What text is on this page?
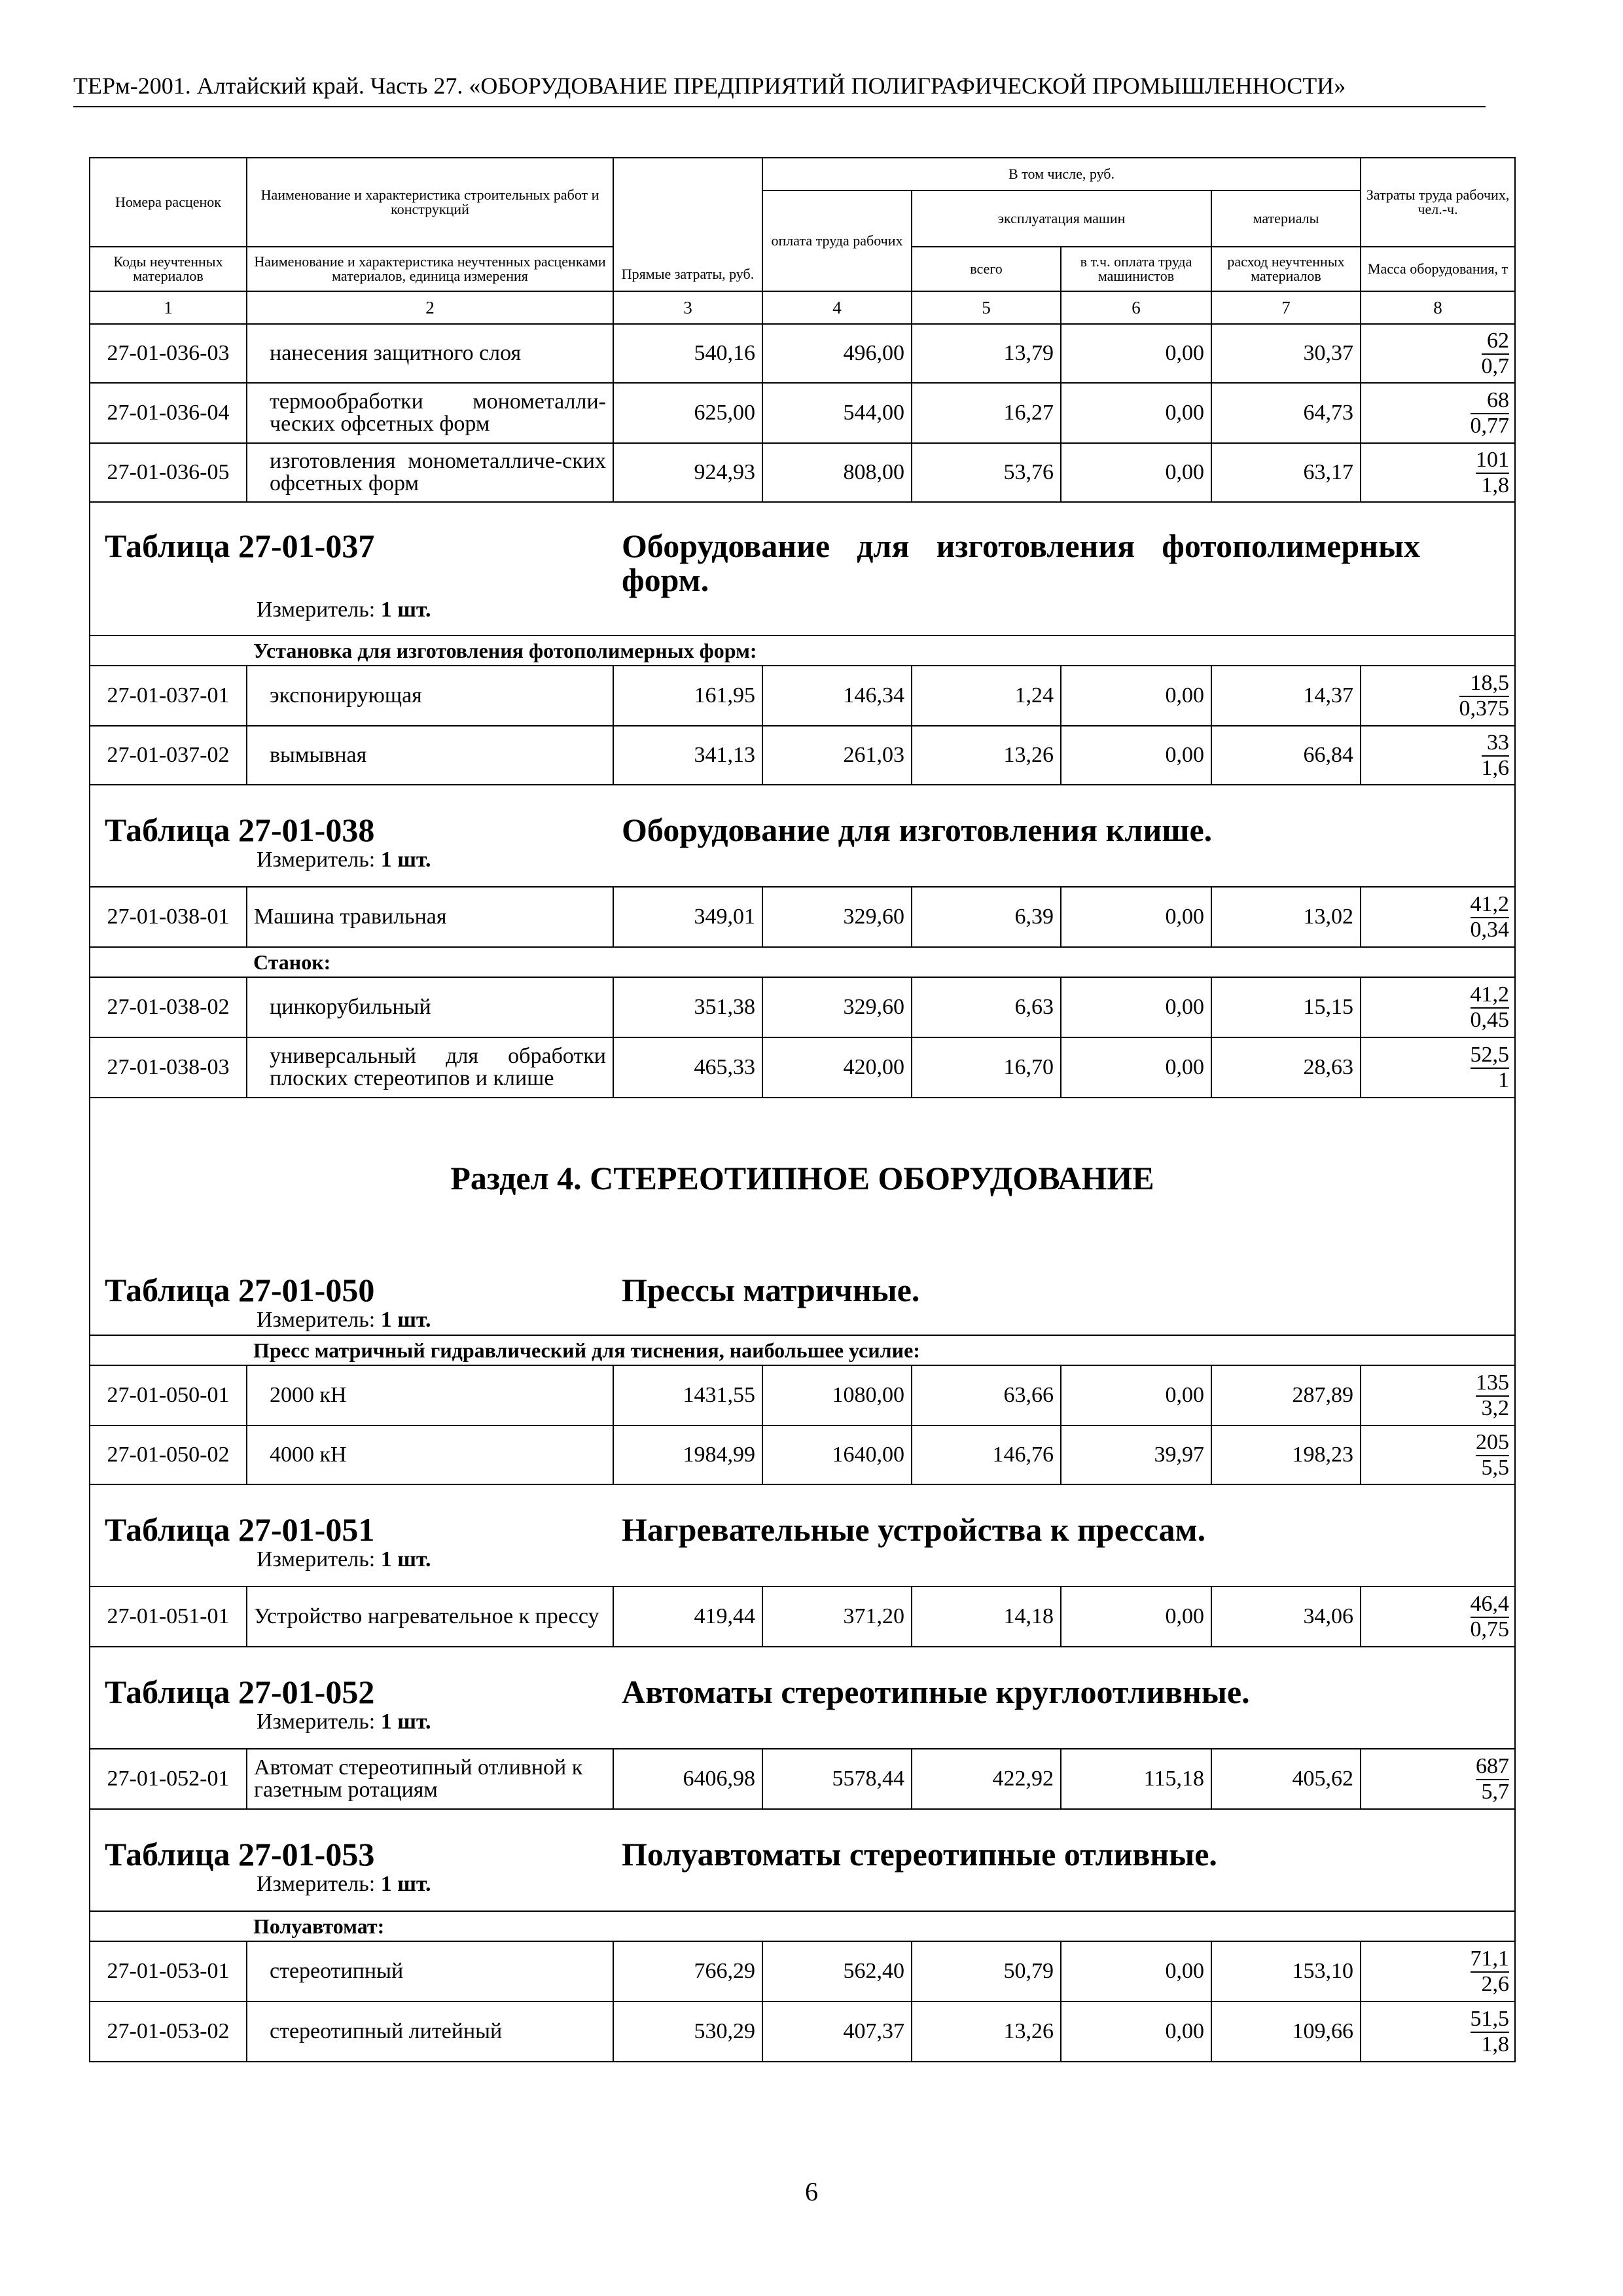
ТЕРм-2001. Алтайский край. Часть 27. «ОБОРУДОВАНИЕ ПРЕДПРИЯТИЙ ПОЛИГРАФИЧЕСКОЙ ПРОМЫШЛЕННОСТИ»
Номера расценок	Наименование и характеристика строительных работ и конструкций	Прямые затраты, руб.	В том числе, руб.				Затраты труда рабочих, чел.-ч.
			оплата труда рабочих	эксплуатация машин		материалы	

Коды неучтенных материалов	Наименование и характеристика неучтенных расценками материалов, единица измерения			всего	в т.ч. оплата труда машинистов	расход неучтенных материалов	Масса оборудования, т

1	2	3	4	5	6	7	8
27-01-036-03	нанесения защитного слоя	540,16	496,00	13,79	0,00	30,37	$\frac{62}{0,7}$

27-01-036-04	термообработки монометалли-ческих офсетных форм	625,00	544,00	16,27	0,00	64,73	$\frac{68}{0,77}$

27-01-036-05	изготовления монометалличе-ских офсетных форм	924,93	808,00	53,76	0,00	63,17	$\frac{101}{1,8}$

Таблица 27-01-037 Оборудование для изготовления фотополимерных форм.
Измеритель: 1 шт.							

	Установка для изготовления фотополимерных форм:						
27-01-037-01	экспонирующая	161,95	146,34	1,24	0,00	14,37	$\frac{18,5}{0,375}$

27-01-037-02	вымывная	341,13	261,03	13,26	0,00	66,84	$\frac{33}{1,6}$

Таблица 27-01-038 Оборудование для изготовления клише.
Измеритель: 1 шт.							

27-01-038-01	Машина травильная	349,01	329,60	6,39	0,00	13,02	$\frac{41,2}{0,34}$

	Станок:						
27-01-038-02	цинкорубильный	351,38	329,60	6,63	0,00	15,15	$\frac{41,2}{0,45}$

27-01-038-03	универсальный для обработки плоских стереотипов и клише	465,33	420,00	16,70	0,00	28,63	$\frac{52,5}{1}$

Раздел 4. СТЕРЕОТИПНОЕ ОБОРУДОВАНИЕ							

Таблица 27-01-050 Прессы матричные.
Измеритель: 1 шт.							

	Пресс матричный гидравлический для тиснения, наибольшее усилие:						
27-01-050-01	2000 кН	1431,55	1080,00	63,66	0,00	287,89	$\frac{135}{3,2}$

27-01-050-02	4000 кН	1984,99	1640,00	146,76	39,97	198,23	$\frac{205}{5,5}$

Таблица 27-01-051 Нагревательные устройства к прессам.
Измеритель: 1 шт.							

27-01-051-01	Устройство нагревательное к прессу	419,44	371,20	14,18	0,00	34,06	$\frac{46,4}{0,75}$

Таблица 27-01-052 Автоматы стереотипные круглоотливные.
Измеритель: 1 шт.							

27-01-052-01	Автомат стереотипный отливной к газетным ротациям	6406,98	5578,44	422,92	115,18	405,62	$\frac{687}{5,7}$

Таблица 27-01-053 Полуавтоматы стереотипные отливные.
Измеритель: 1 шт.							

	Полуавтомат:						
27-01-053-01	стереотипный	766,29	562,40	50,79	0,00	153,10	$\frac{71,1}{2,6}$

27-01-053-02	стереотипный литейный	530,29	407,37	13,26	0,00	109,66	$\frac{51,5}{1,8}$
6
